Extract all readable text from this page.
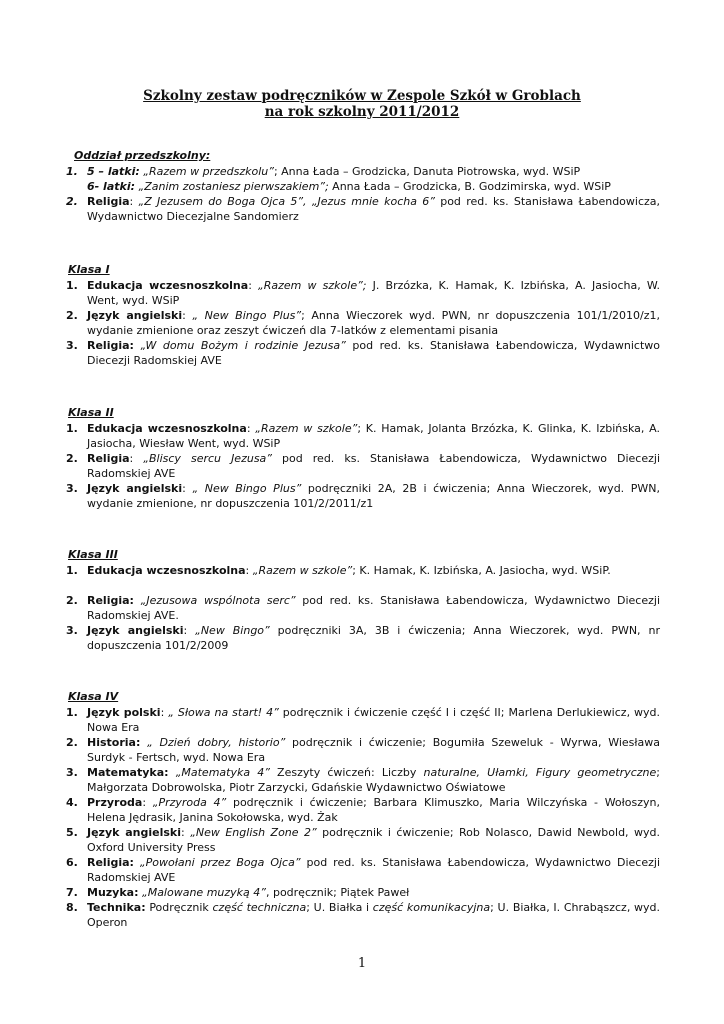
Szkolny zestaw podręczników w Zespole Szkół w Groblach
na rok szkolny 2011/2012
Oddział przedszkolny:
1. 5 – latki: „Razem w przedszkolu”; Anna Łada – Grodzicka, Danuta Piotrowska, wyd. WSiP
6- latki: „Zanim zostaniesz pierwszakiem”; Anna Łada – Grodzicka, B. Godzimirska, wyd. WSiP
2. Religia: „Z Jezusem do Boga Ojca 5”, „Jezus mnie kocha 6” pod red. ks. Stanisława Łabendowicza, Wydawnictwo Diecezjalne Sandomierz
Klasa I
1. Edukacja wczesnoszkolna: „Razem w szkole”; J. Brzózka, K. Hamak, K. Izbińska, A. Jasiocha, W. Went, wyd. WSiP
2. Język angielski: „ New Bingo Plus”; Anna Wieczorek wyd. PWN, nr dopuszczenia 101/1/2010/z1, wydanie zmienione oraz zeszyt ćwiczeń dla 7-latków z elementami pisania
3. Religia: „W domu Bożym i rodzinie Jezusa” pod red. ks. Stanisława Łabendowicza, Wydawnictwo Diecezji Radomskiej AVE
Klasa II
1. Edukacja wczesnoszkolna: „Razem w szkole”; K. Hamak, Jolanta Brzózka, K. Glinka, K. Izbińska, A. Jasiocha, Wiesław Went, wyd. WSiP
2. Religia: „Bliscy sercu Jezusa” pod red. ks. Stanisława Łabendowicza, Wydawnictwo Diecezji Radomskiej AVE
3. Język angielski: „ New Bingo Plus” podręczniki 2A, 2B i ćwiczenia; Anna Wieczorek, wyd. PWN, wydanie zmienione, nr dopuszczenia 101/2/2011/z1
Klasa III
1. Edukacja wczesnoszkolna: „Razem w szkole”; K. Hamak, K. Izbińska, A. Jasiocha, wyd. WSiP.
2. Religia: „Jezusowa wspólnota serc” pod red. ks. Stanisława Łabendowicza, Wydawnictwo Diecezji Radomskiej AVE.
3. Język angielski: „New Bingo” podręczniki 3A, 3B i ćwiczenia; Anna Wieczorek, wyd. PWN, nr dopuszczenia 101/2/2009
Klasa IV
1. Język polski: „ Słowa na start! 4” podręcznik i ćwiczenie część I i część II; Marlena Derlukiewicz, wyd. Nowa Era
2. Historia: „ Dzień dobry, historio” podręcznik i ćwiczenie; Bogumiła Szeweluk - Wyrwa, Wiesława Surdyk - Fertsch, wyd. Nowa Era
3. Matematyka: „Matematyka 4” Zeszyty ćwiczeń: Liczby naturalne, Ułamki, Figury geometryczne; Małgorzata Dobrowolska, Piotr Zarzycki, Gdańskie Wydawnictwo Oświatowe
4. Przyroda: „Przyroda 4” podręcznik i ćwiczenie; Barbara Klimuszko, Maria Wilczyńska - Wołoszyn, Helena Jędrasik, Janina Sokołowska, wyd. Żak
5. Język angielski: „New English Zone 2” podręcznik i ćwiczenie; Rob Nolasco, Dawid Newbold, wyd. Oxford University Press
6. Religia: „Powołani przez Boga Ojca” pod red. ks. Stanisława Łabendowicza, Wydawnictwo Diecezji Radomskiej AVE
7. Muzyka: „Malowane muzyką 4”, podręcznik; Piątek Paweł
8. Technika: Podręcznik część techniczna; U. Białka i część komunikacyjna; U. Białka, I. Chrabąszcz, wyd. Operon
1
